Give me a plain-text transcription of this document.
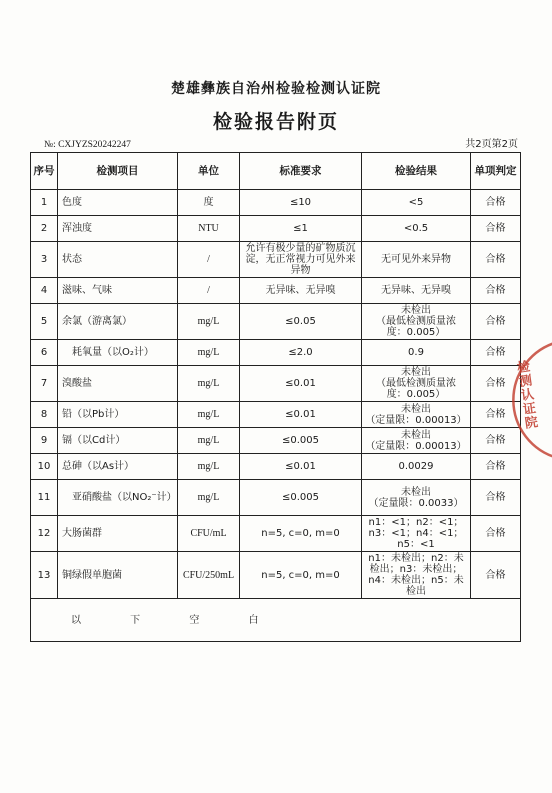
楚雄彝族自治州检验检测认证院
检验报告附页
№: CXJYZS20242247	共2页第2页
序号	检测项目	单位	标准要求	检验结果	单项判定
1	色度	度	≤10	<5	合格
2	浑浊度	NTU	≤1	<0.5	合格
3	状态	/	允许有极少量的矿物质沉淀，无正常视力可见外来异物	无可见外来异物	合格
4	滋味、气味	/	无异味、无异嗅	无异味、无异嗅	合格
5	余氯（游离氯）	mg/L	≤0.05	未检出
（最低检测质量浓
度：0.005）	合格
6	耗氧量（以O₂计）	mg/L	≤2.0	0.9	合格
7	溴酸盐	mg/L	≤0.01	未检出
（最低检测质量浓
度：0.005）	合格
8	铅（以Pb计）	mg/L	≤0.01	未检出
（定量限：0.00013）	合格
9	镉（以Cd计）	mg/L	≤0.005	未检出
（定量限：0.00013）	合格
10	总砷（以As计）	mg/L	≤0.01	0.0029	合格
11	亚硝酸盐（以NO₂⁻计）	mg/L	≤0.005	未检出
（定量限：0.0033）	合格
12	大肠菌群	CFU/mL	n=5, c=0, m=0	n1：<1；n2：<1；
n3：<1；n4：<1；
n5：<1	合格
13	铜绿假单胞菌	CFU/250mL	n=5, c=0, m=0	n1：未检出；n2：未
检出；n3：未检出；
n4：未检出；n5：未
检出	合格
以 下 空 白					
检测认证院
